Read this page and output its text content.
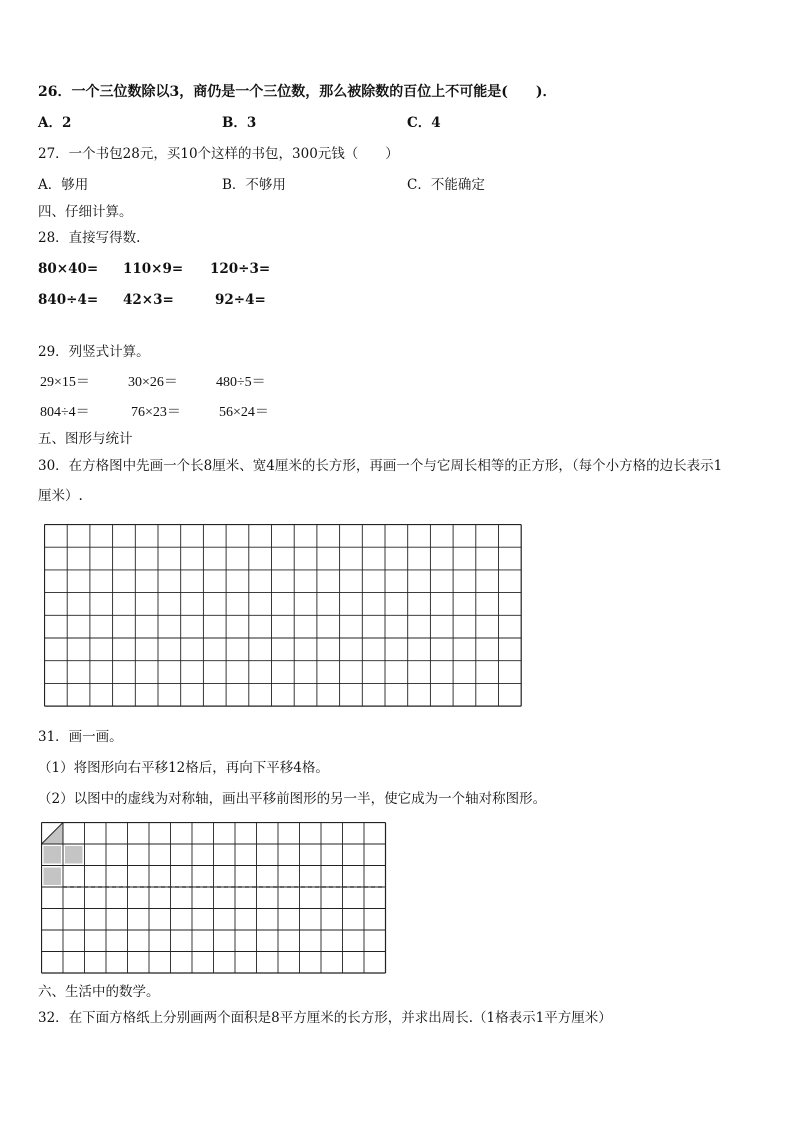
26．一个三位数除以3，商仍是一个三位数，那么被除数的百位上不可能是(　　)．
A．2	B．3	C．4
27．一个书包28元，买10个这样的书包，300元钱（　　）
A．够用	B．不够用	C．不能确定
四、仔细计算。
28．直接写得数.
80×40= 110×9= 120÷3=
840÷4= 42×3=	92÷4=
29．列竖式计算。
29×15＝	30×26＝	480÷5＝
804÷4＝	76×23＝	56×24＝
五、图形与统计
30．在方格图中先画一个长8厘米、宽4厘米的长方形，再画一个与它周长相等的正方形，（每个小方格的边长表示1
厘米）.
31．画一画。
（1）将图形向右平移12格后，再向下平移4格。
（2）以图中的虚线为对称轴，画出平移前图形的另一半，使它成为一个轴对称图形。
六、生活中的数学。
32．在下面方格纸上分别画两个面积是8平方厘米的长方形，并求出周长.（1格表示1平方厘米）
